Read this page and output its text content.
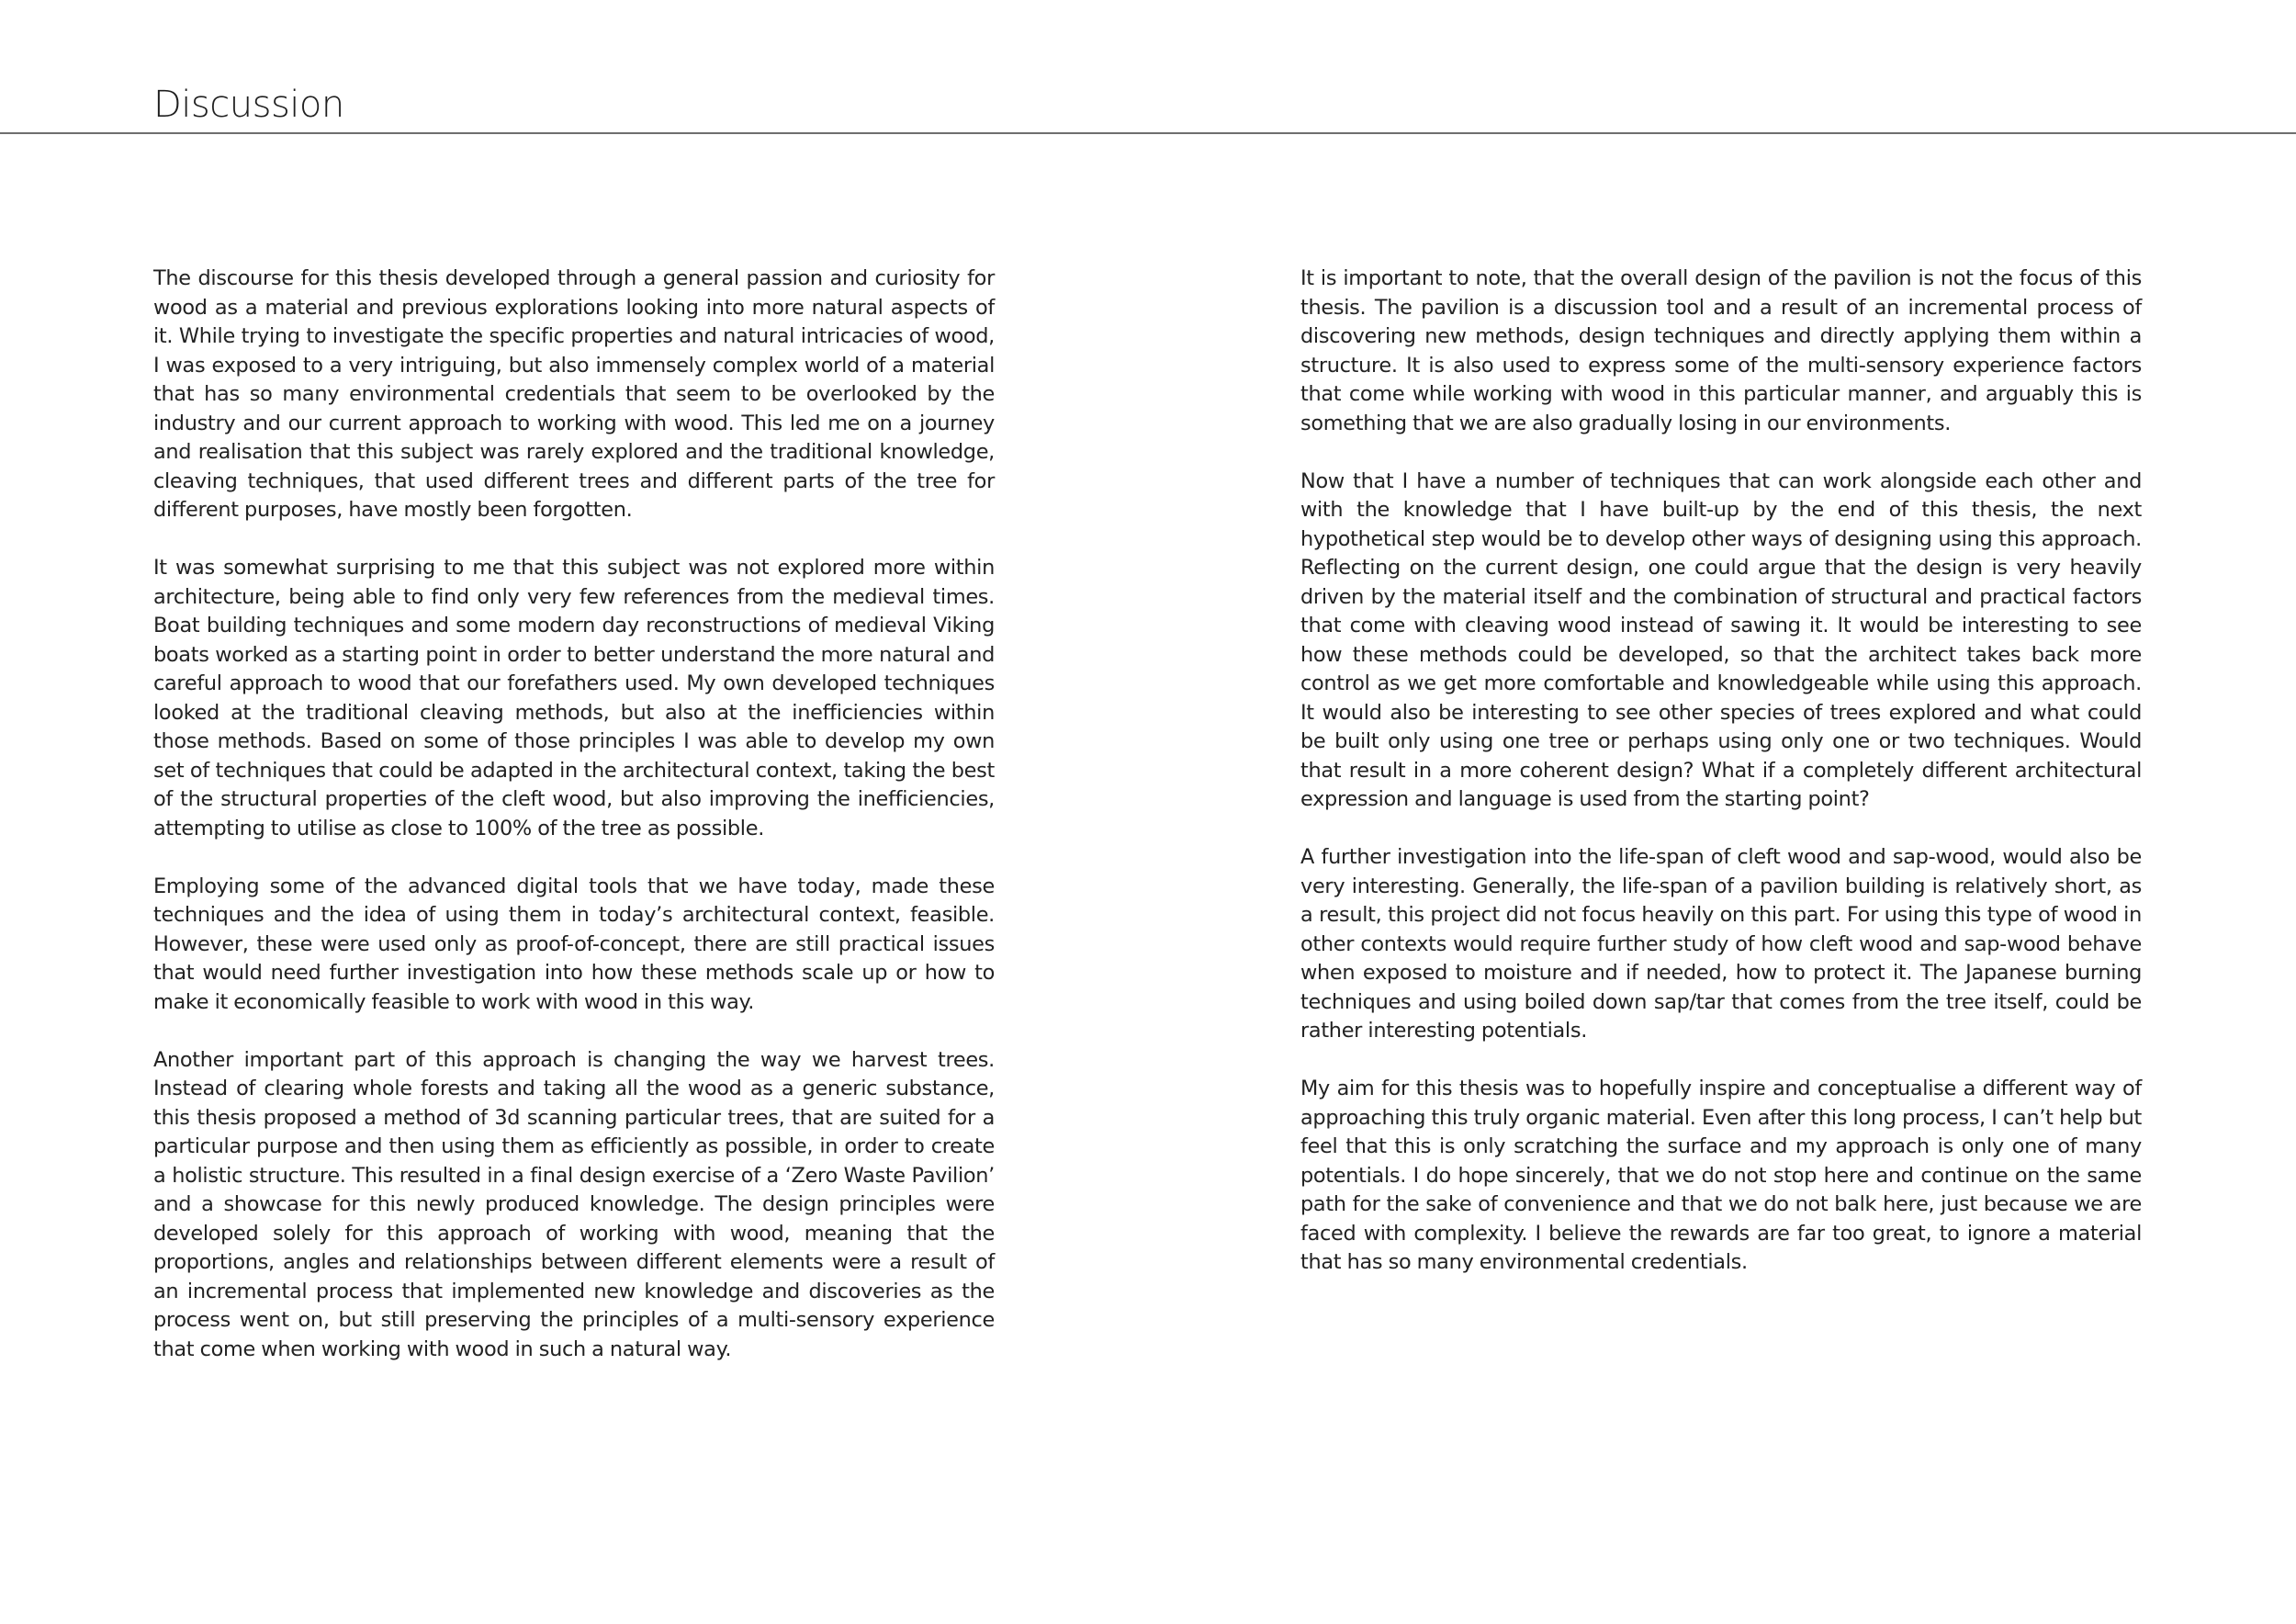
Discussion

The discourse for this thesis developed through a general passion and curiosity for wood as a material and previous explorations looking into more natural aspects of it. While trying to investigate the specific properties and natural intricacies of wood, I was exposed to a very intriguing, but also immensely complex world of a material that has so many environmental credentials that seem to be overlooked by the industry and our current approach to working with wood. This led me on a journey and realisation that this subject was rarely explored and the traditional knowledge, cleaving techniques, that used different trees and different parts of the tree for different purposes, have mostly been forgotten.

It was somewhat surprising to me that this subject was not explored more within architecture, being able to find only very few references from the medieval times. Boat building techniques and some modern day reconstructions of medieval Viking boats worked as a starting point in order to better understand the more natural and careful approach to wood that our forefathers used. My own developed techniques looked at the traditional cleaving methods, but also at the inefficiencies within those methods. Based on some of those principles I was able to develop my own set of techniques that could be adapted in the architectural context, taking the best of the structural properties of the cleft wood, but also improving the inefficiencies, attempting to utilise as close to 100% of the tree as possible.

Employing some of the advanced digital tools that we have today, made these techniques and the idea of using them in today’s architectural context, feasible. However, these were used only as proof-of-concept, there are still practical issues that would need further investigation into how these methods scale up or how to make it economically feasible to work with wood in this way.

Another important part of this approach is changing the way we harvest trees. Instead of clearing whole forests and taking all the wood as a generic substance, this thesis proposed a method of 3d scanning particular trees, that are suited for a particular purpose and then using them as efficiently as possible, in order to create a holistic structure. This resulted in a final design exercise of a ‘Zero Waste Pavilion’ and a showcase for this newly produced knowledge. The design principles were developed solely for this approach of working with wood, meaning that the proportions, angles and relationships between different elements were a result of an incremental process that implemented new knowledge and discoveries as the process went on, but still preserving the principles of a multi-sensory experience that come when working with wood in such a natural way.

It is important to note, that the overall design of the pavilion is not the focus of this thesis. The pavilion is a discussion tool and a result of an incremental process of discovering new methods, design techniques and directly applying them within a structure. It is also used to express some of the multi-sensory experience factors that come while working with wood in this particular manner, and arguably this is something that we are also gradually losing in our environments.

Now that I have a number of techniques that can work alongside each other and with the knowledge that I have built-up by the end of this thesis, the next hypothetical step would be to develop other ways of designing using this approach. Reflecting on the current design, one could argue that the design is very heavily driven by the material itself and the combination of structural and practical factors that come with cleaving wood instead of sawing it. It would be interesting to see how these methods could be developed, so that the architect takes back more control as we get more comfortable and knowledgeable while using this approach. It would also be interesting to see other species of trees explored and what could be built only using one tree or perhaps using only one or two techniques. Would that result in a more coherent design? What if a completely different architectural expression and language is used from the starting point?

A further investigation into the life-span of cleft wood and sap-wood, would also be very interesting. Generally, the life-span of a pavilion building is relatively short, as a result, this project did not focus heavily on this part. For using this type of wood in other contexts would require further study of how cleft wood and sap-wood behave when exposed to moisture and if needed, how to protect it. The Japanese burning techniques and using boiled down sap/tar that comes from the tree itself, could be rather interesting potentials.

My aim for this thesis was to hopefully inspire and conceptualise a different way of approaching this truly organic material. Even after this long process, I can’t help but feel that this is only scratching the surface and my approach is only one of many potentials. I do hope sincerely, that we do not stop here and continue on the same path for the sake of convenience and that we do not balk here, just because we are faced with complexity. I believe the rewards are far too great, to ignore a material that has so many environmental credentials.
